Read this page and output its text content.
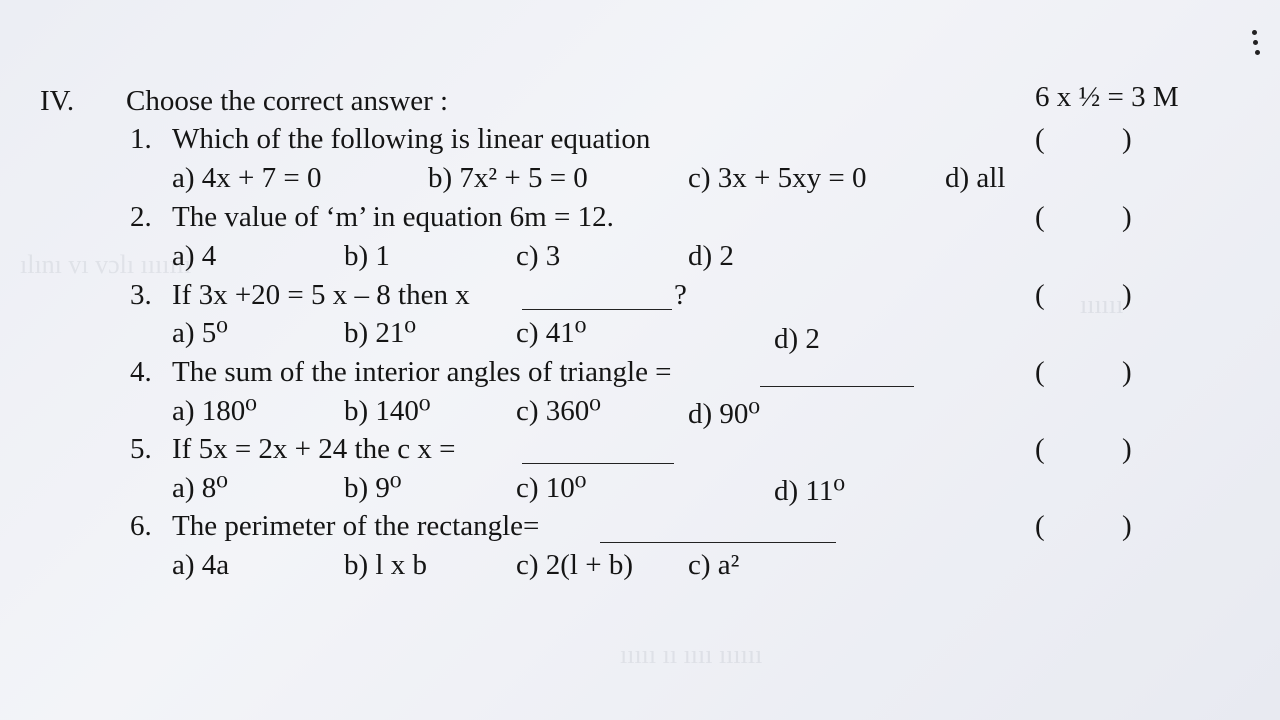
ılını vı vɔlı ııııııı
ıııııı
ııııı ıı ıııı ıııııı
IV. Choose the correct answer :	6 x ½ = 3 M
1. Which of the following is linear equation	(	)
a) 4x + 7 = 0	b) 7x² + 5 = 0	c) 3x + 5xy = 0	d) all
2. The value of ‘m’ in equation 6m = 12.	(	)
a) 4	b) 1	c) 3	d) 2
3. If 3x +20 = 5 x – 8 then x	?	(	)
a) 5⁰	b) 21⁰	c) 41⁰	d) 2
4. The sum of the interior angles of triangle =	(	)
a) 180⁰	b) 140⁰	c) 360⁰	d) 90⁰
5. If 5x = 2x + 24 the c x =	(	)
a) 8⁰	b) 9⁰	c) 10⁰	d) 11⁰
6. The perimeter of the rectangle=	(	)
a) 4a	b) l x b	c) 2(l + b) c) a²
